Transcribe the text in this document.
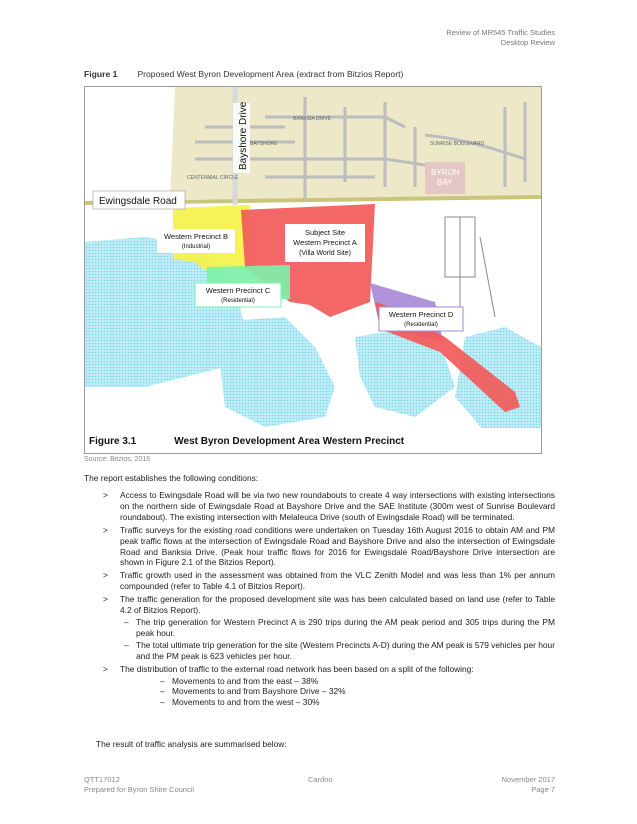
Review of MR545 Traffic Studies
Desktop Review
Figure 1 Proposed West Byron Development Area (extract from Bitzios Report)
Ewingsdale Road
Bayshore Drive	BANKSIA DRIVE
CENTENNIAL CIRCLE
BAYSHORE	SUNRISE BOULEVARD
BYRON
BAY
Western Precinct B
(Industrial)
Subject Site
Western Precinct A
(Villa World Site)
Western Precinct C
(Residential)
Western Precinct D
(Residential)
Figure 3.1	West Byron Development Area Western Precinct
Source: Bitzios, 2016
The report establishes the following conditions:
> Access to Ewingsdale Road will be via two new roundabouts to create 4 way intersections with existing intersections on the northern side of Ewingsdale Road at Bayshore Drive and the SAE Institute (300m west of Sunrise Boulevard roundabout). The existing intersection with Melaleuca Drive (south of Ewingsdale Road) will be terminated.
> Traffic surveys for the existing road conditions were undertaken on Tuesday 16th August 2016 to obtain AM and PM peak traffic flows at the intersection of Ewingsdale Road and Bayshore Drive and also the intersection of Ewingsdale Road and Banksia Drive. (Peak hour traffic flows for 2016 for Ewingsdale Road/Bayshore Drive intersection are shown in Figure 2.1 of the Bitzios Report).
> Traffic growth used in the assessment was obtained from the VLC Zenith Model and was less than 1% per annum compounded (refer to Table 4.1 of Bitzios Report).
> The traffic generation for the proposed development site was has been calculated based on land use (refer to Table 4.2 of Bitzios Report).
– The trip generation for Western Precinct A is 290 trips during the AM peak period and 305 trips during the PM peak hour.
– The total ultimate trip generation for the site (Western Precincts A-D) during the AM peak is 579 vehicles per hour and the PM peak is 623 vehicles per hour.
> The distribution of traffic to the external road network has been based on a split of the following:
– Movements to and from the east – 38%
– Movements to and from Bayshore Drive – 32%
– Movements to and from the west – 30%
The result of traffic analysis are summarised below:
QTT17012
Prepared for Byron Shire Council
Cardno	November 2017
Page 7
